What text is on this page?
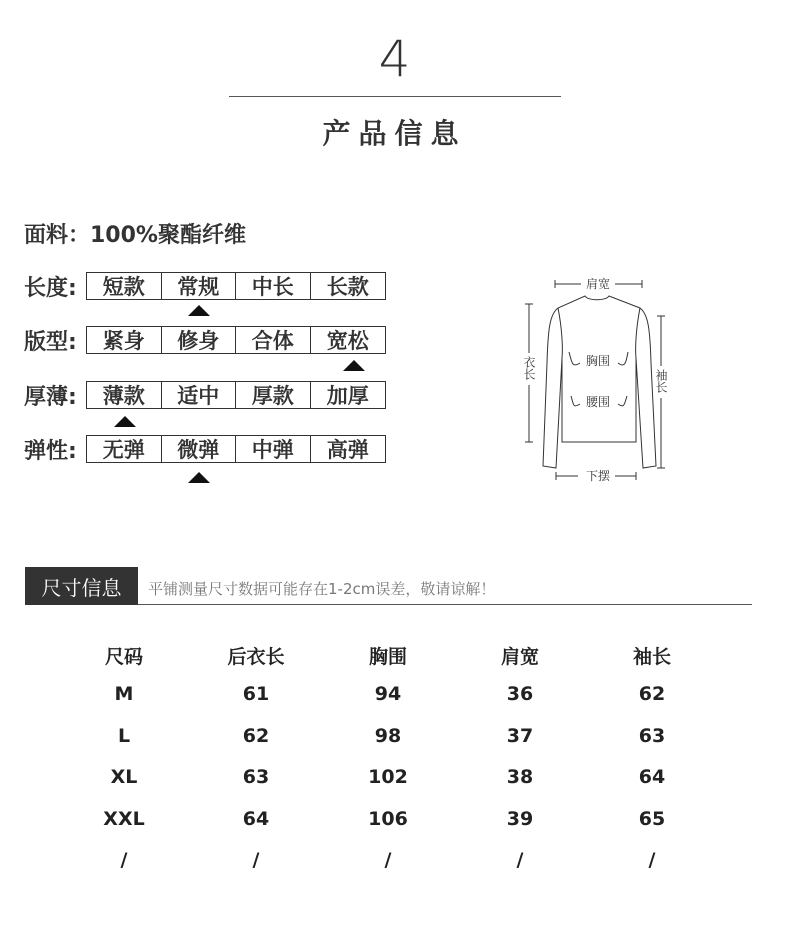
4
产品信息
面料：100%聚酯纤维
长度:	短款	常规	中长	长款
版型:	紧身	修身	合体	宽松
厚薄:	薄款	适中	厚款	加厚
弹性:	无弹	微弹	中弹	高弹
肩宽
胸围
腰围
下摆
衣长
袖长
尺寸信息	平铺测量尺寸数据可能存在1-2cm误差，敬请谅解！
尺码	后衣长	胸围	肩宽	袖长
M	61	94	36	62
L	62	98	37	63
XL	63	102	38	64
XXL	64	106	39	65
/	/	/	/	/
